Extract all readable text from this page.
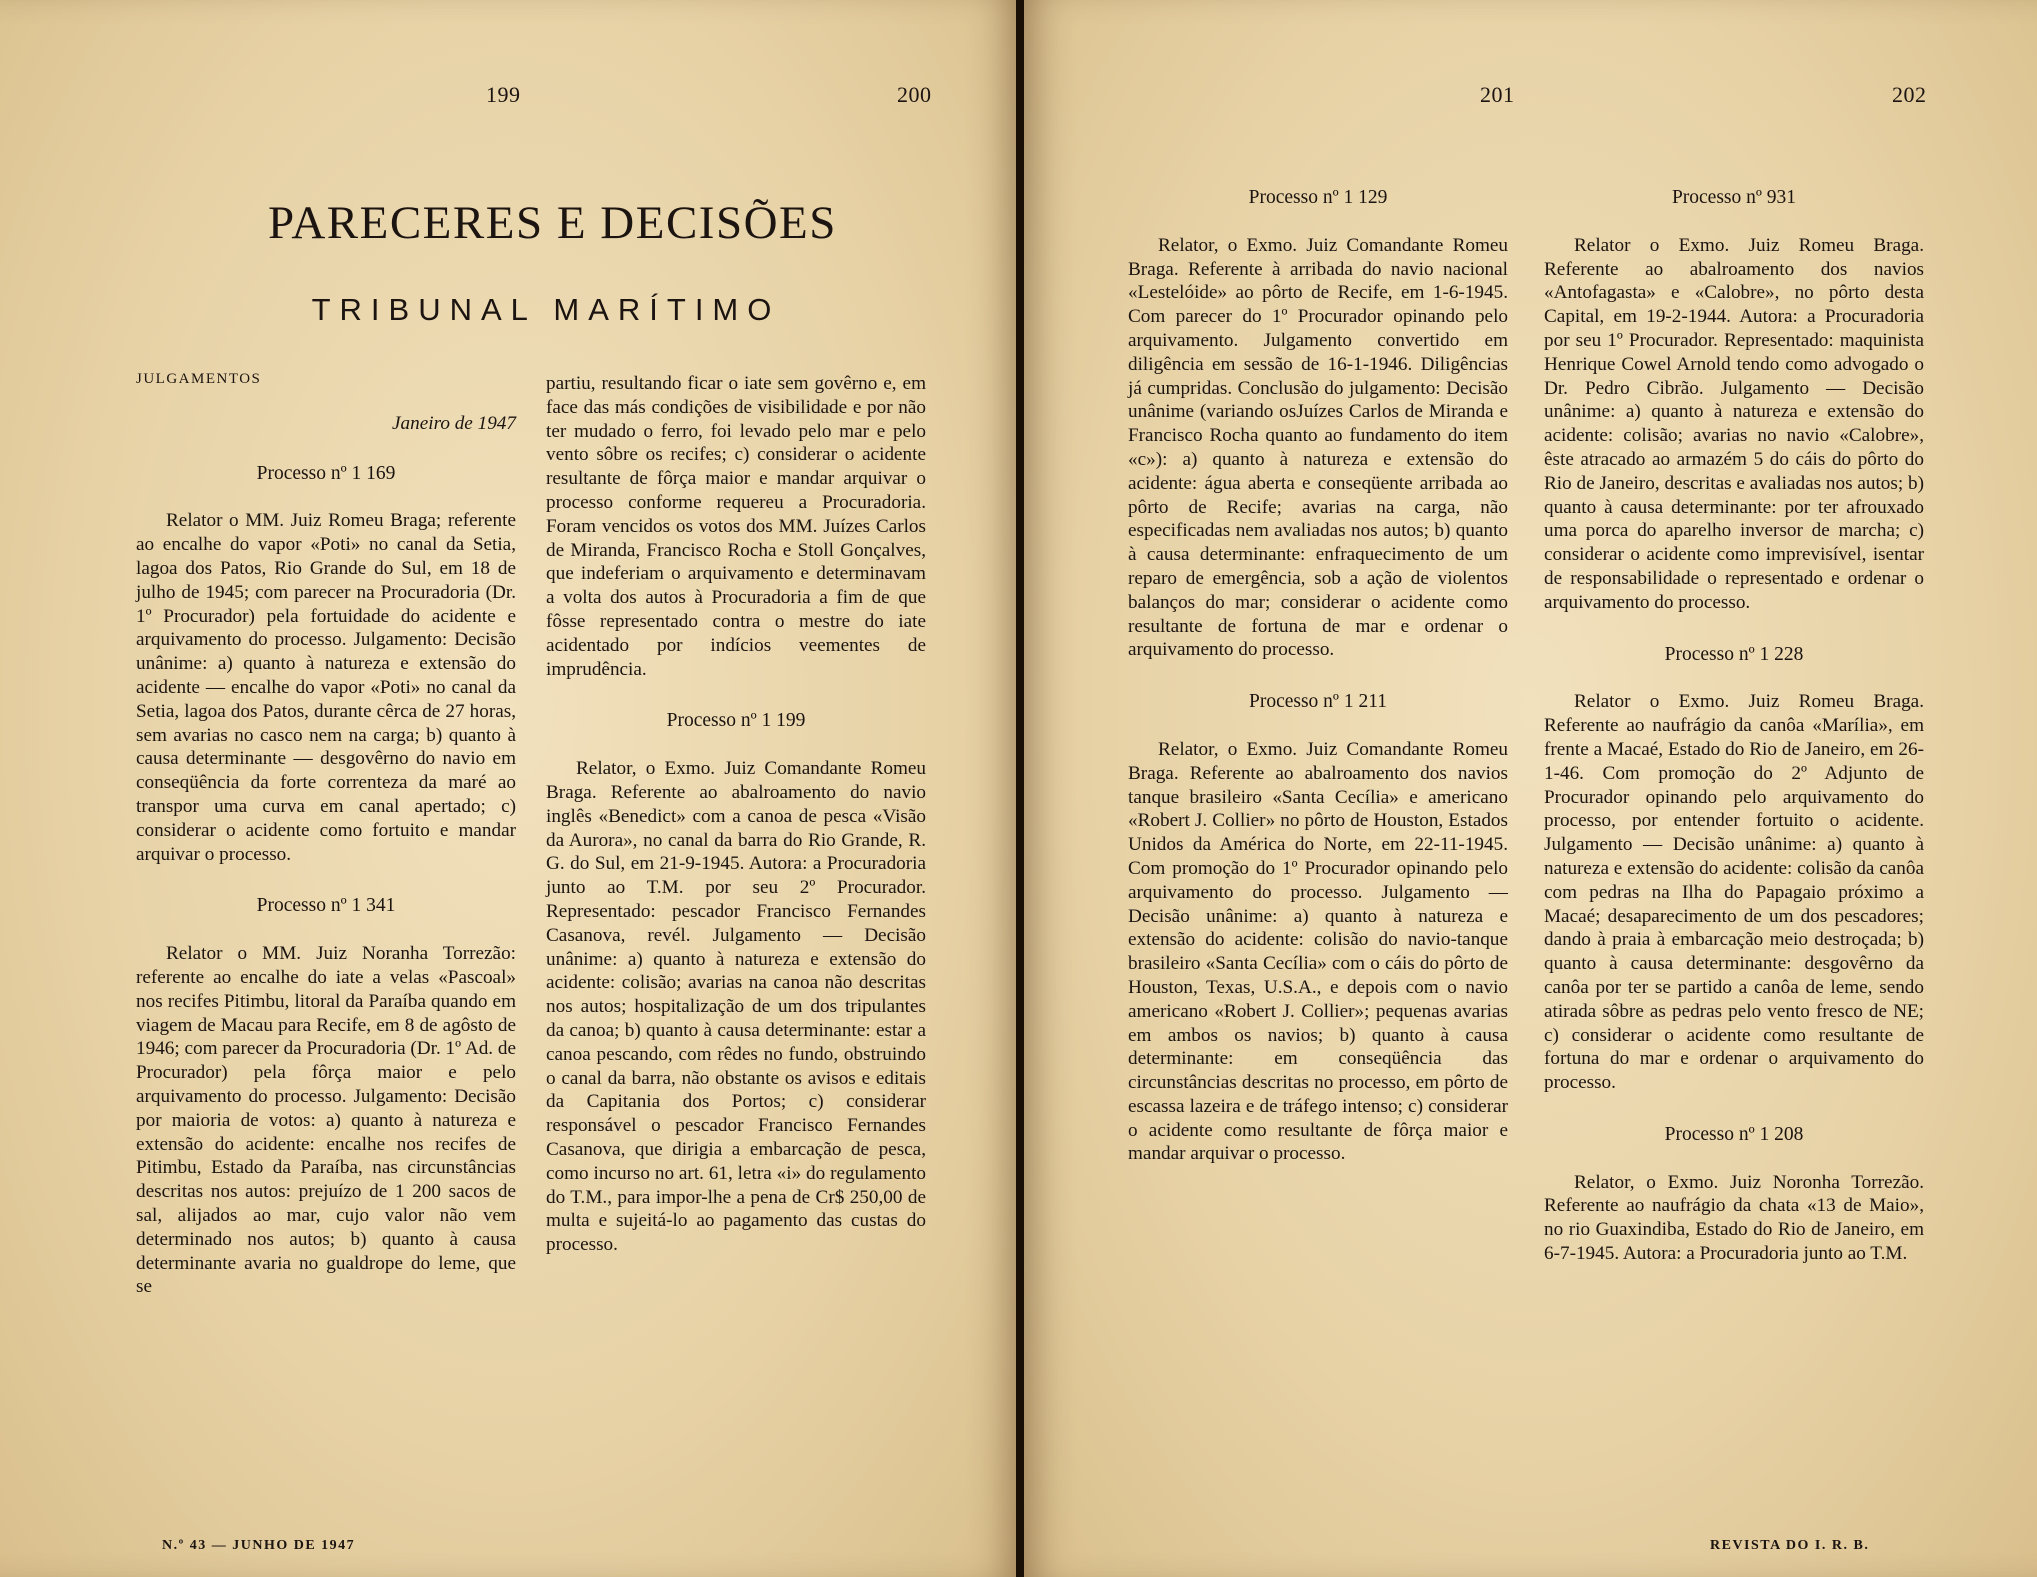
199	200
PARECERES E DECISÕES
TRIBUNAL MARÍTIMO

JULGAMENTOS

Janeiro de 1947

Processo nº 1 169

Relator o MM. Juiz Romeu Braga; referente ao encalhe do vapor «Poti» no canal da Setia, lagoa dos Patos, Rio Grande do Sul, em 18 de julho de 1945; com parecer na Procuradoria (Dr. 1º Procurador) pela fortuidade do acidente e arquivamento do processo. Julgamento: Decisão unânime: a) quanto à natureza e extensão do acidente — encalhe do vapor «Poti» no canal da Setia, lagoa dos Patos, durante cêrca de 27 horas, sem avarias no casco nem na carga; b) quanto à causa determinante — desgovêrno do navio em conseqüência da forte correnteza da maré ao transpor uma curva em canal apertado; c) considerar o acidente como fortuito e mandar arquivar o processo.

Processo nº 1 341

Relator o MM. Juiz Noranha Torrezão: referente ao encalhe do iate a velas «Pascoal» nos recifes Pitimbu, litoral da Paraíba quando em viagem de Macau para Recife, em 8 de agôsto de 1946; com parecer da Procuradoria (Dr. 1º Ad. de Procurador) pela fôrça maior e pelo arquivamento do processo. Julgamento: Decisão por maioria de votos: a) quanto à natureza e extensão do acidente: encalhe nos recifes de Pitimbu, Estado da Paraíba, nas circunstâncias descritas nos autos: prejuízo de 1 200 sacos de sal, alijados ao mar, cujo valor não vem determinado nos autos; b) quanto à causa determinante avaria no gualdrope do leme, que se

partiu, resultando ficar o iate sem govêrno e, em face das más condições de visibilidade e por não ter mudado o ferro, foi levado pelo mar e pelo vento sôbre os recifes; c) considerar o acidente resultante de fôrça maior e mandar arquivar o processo conforme requereu a Procuradoria. Foram vencidos os votos dos MM. Juízes Carlos de Miranda, Francisco Rocha e Stoll Gonçalves, que indeferiam o arquivamento e determinavam a volta dos autos à Procuradoria a fim de que fôsse representado contra o mestre do iate acidentado por indícios veementes de imprudência.

Processo nº 1 199

Relator, o Exmo. Juiz Comandante Romeu Braga. Referente ao abalroamento do navio inglês «Benedict» com a canoa de pesca «Visão da Aurora», no canal da barra do Rio Grande, R. G. do Sul, em 21-9-1945. Autora: a Procuradoria junto ao T.M. por seu 2º Procurador. Representado: pescador Francisco Fernandes Casanova, revél. Julgamento — Decisão unânime: a) quanto à natureza e extensão do acidente: colisão; avarias na canoa não descritas nos autos; hospitalização de um dos tripulantes da canoa; b) quanto à causa determinante: estar a canoa pescando, com rêdes no fundo, obstruindo o canal da barra, não obstante os avisos e editais da Capitania dos Portos; c) considerar responsável o pescador Francisco Fernandes Casanova, que dirigia a embarcação de pesca, como incurso no art. 61, letra «i» do regulamento do T.M., para impor-lhe a pena de Cr$ 250,00 de multa e sujeitá-lo ao pagamento das custas do processo.

N.º 43 — JUNHO DE 1947
201	202

Processo nº 1 129

Relator, o Exmo. Juiz Comandante Romeu Braga. Referente à arribada do navio nacional «Lestelóide» ao pôrto de Recife, em 1-6-1945. Com parecer do 1º Procurador opinando pelo arquivamento. Julgamento convertido em diligência em sessão de 16-1-1946. Diligências já cumpridas. Conclusão do julgamento: Decisão unânime (variando osJuízes Carlos de Miranda e Francisco Rocha quanto ao fundamento do item «c»): a) quanto à natureza e extensão do acidente: água aberta e conseqüente arribada ao pôrto de Recife; avarias na carga, não especificadas nem avaliadas nos autos; b) quanto à causa determinante: enfraquecimento de um reparo de emergência, sob a ação de violentos balanços do mar; considerar o acidente como resultante de fortuna de mar e ordenar o arquivamento do processo.

Processo nº 1 211

Relator, o Exmo. Juiz Comandante Romeu Braga. Referente ao abalroamento dos navios tanque brasileiro «Santa Cecília» e americano «Robert J. Collier» no pôrto de Houston, Estados Unidos da América do Norte, em 22-11-1945. Com promoção do 1º Procurador opinando pelo arquivamento do processo. Julgamento — Decisão unânime: a) quanto à natureza e extensão do acidente: colisão do navio-tanque brasileiro «Santa Cecília» com o cáis do pôrto de Houston, Texas, U.S.A., e depois com o navio americano «Robert J. Collier»; pequenas avarias em ambos os navios; b) quanto à causa determinante: em conseqüência das circunstâncias descritas no processo, em pôrto de escassa lazeira e de tráfego intenso; c) considerar o acidente como resultante de fôrça maior e mandar arquivar o processo.

Processo nº 931

Relator o Exmo. Juiz Romeu Braga. Referente ao abalroamento dos navios «Antofagasta» e «Calobre», no pôrto desta Capital, em 19-2-1944. Autora: a Procuradoria por seu 1º Procurador. Representado: maquinista Henrique Cowel Arnold tendo como advogado o Dr. Pedro Cibrão. Julgamento — Decisão unânime: a) quanto à natureza e extensão do acidente: colisão; avarias no navio «Calobre», êste atracado ao armazém 5 do cáis do pôrto do Rio de Janeiro, descritas e avaliadas nos autos; b) quanto à causa determinante: por ter afrouxado uma porca do aparelho inversor de marcha; c) considerar o acidente como imprevisível, isentar de responsabilidade o representado e ordenar o arquivamento do processo.

Processo nº 1 228

Relator o Exmo. Juiz Romeu Braga. Referente ao naufrágio da canôa «Marília», em frente a Macaé, Estado do Rio de Janeiro, em 26-1-46. Com promoção do 2º Adjunto de Procurador opinando pelo arquivamento do processo, por entender fortuito o acidente. Julgamento — Decisão unânime: a) quanto à natureza e extensão do acidente: colisão da canôa com pedras na Ilha do Papagaio próximo a Macaé; desaparecimento de um dos pescadores; dando à praia à embarcação meio destroçada; b) quanto à causa determinante: desgovêrno da canôa por ter se partido a canôa de leme, sendo atirada sôbre as pedras pelo vento fresco de NE; c) considerar o acidente como resultante de fortuna do mar e ordenar o arquivamento do processo.

Processo nº 1 208

Relator, o Exmo. Juiz Noronha Torrezão. Referente ao naufrágio da chata «13 de Maio», no rio Guaxindiba, Estado do Rio de Janeiro, em 6-7-1945. Autora: a Procuradoria junto ao T.M.

REVISTA DO I. R. B.
